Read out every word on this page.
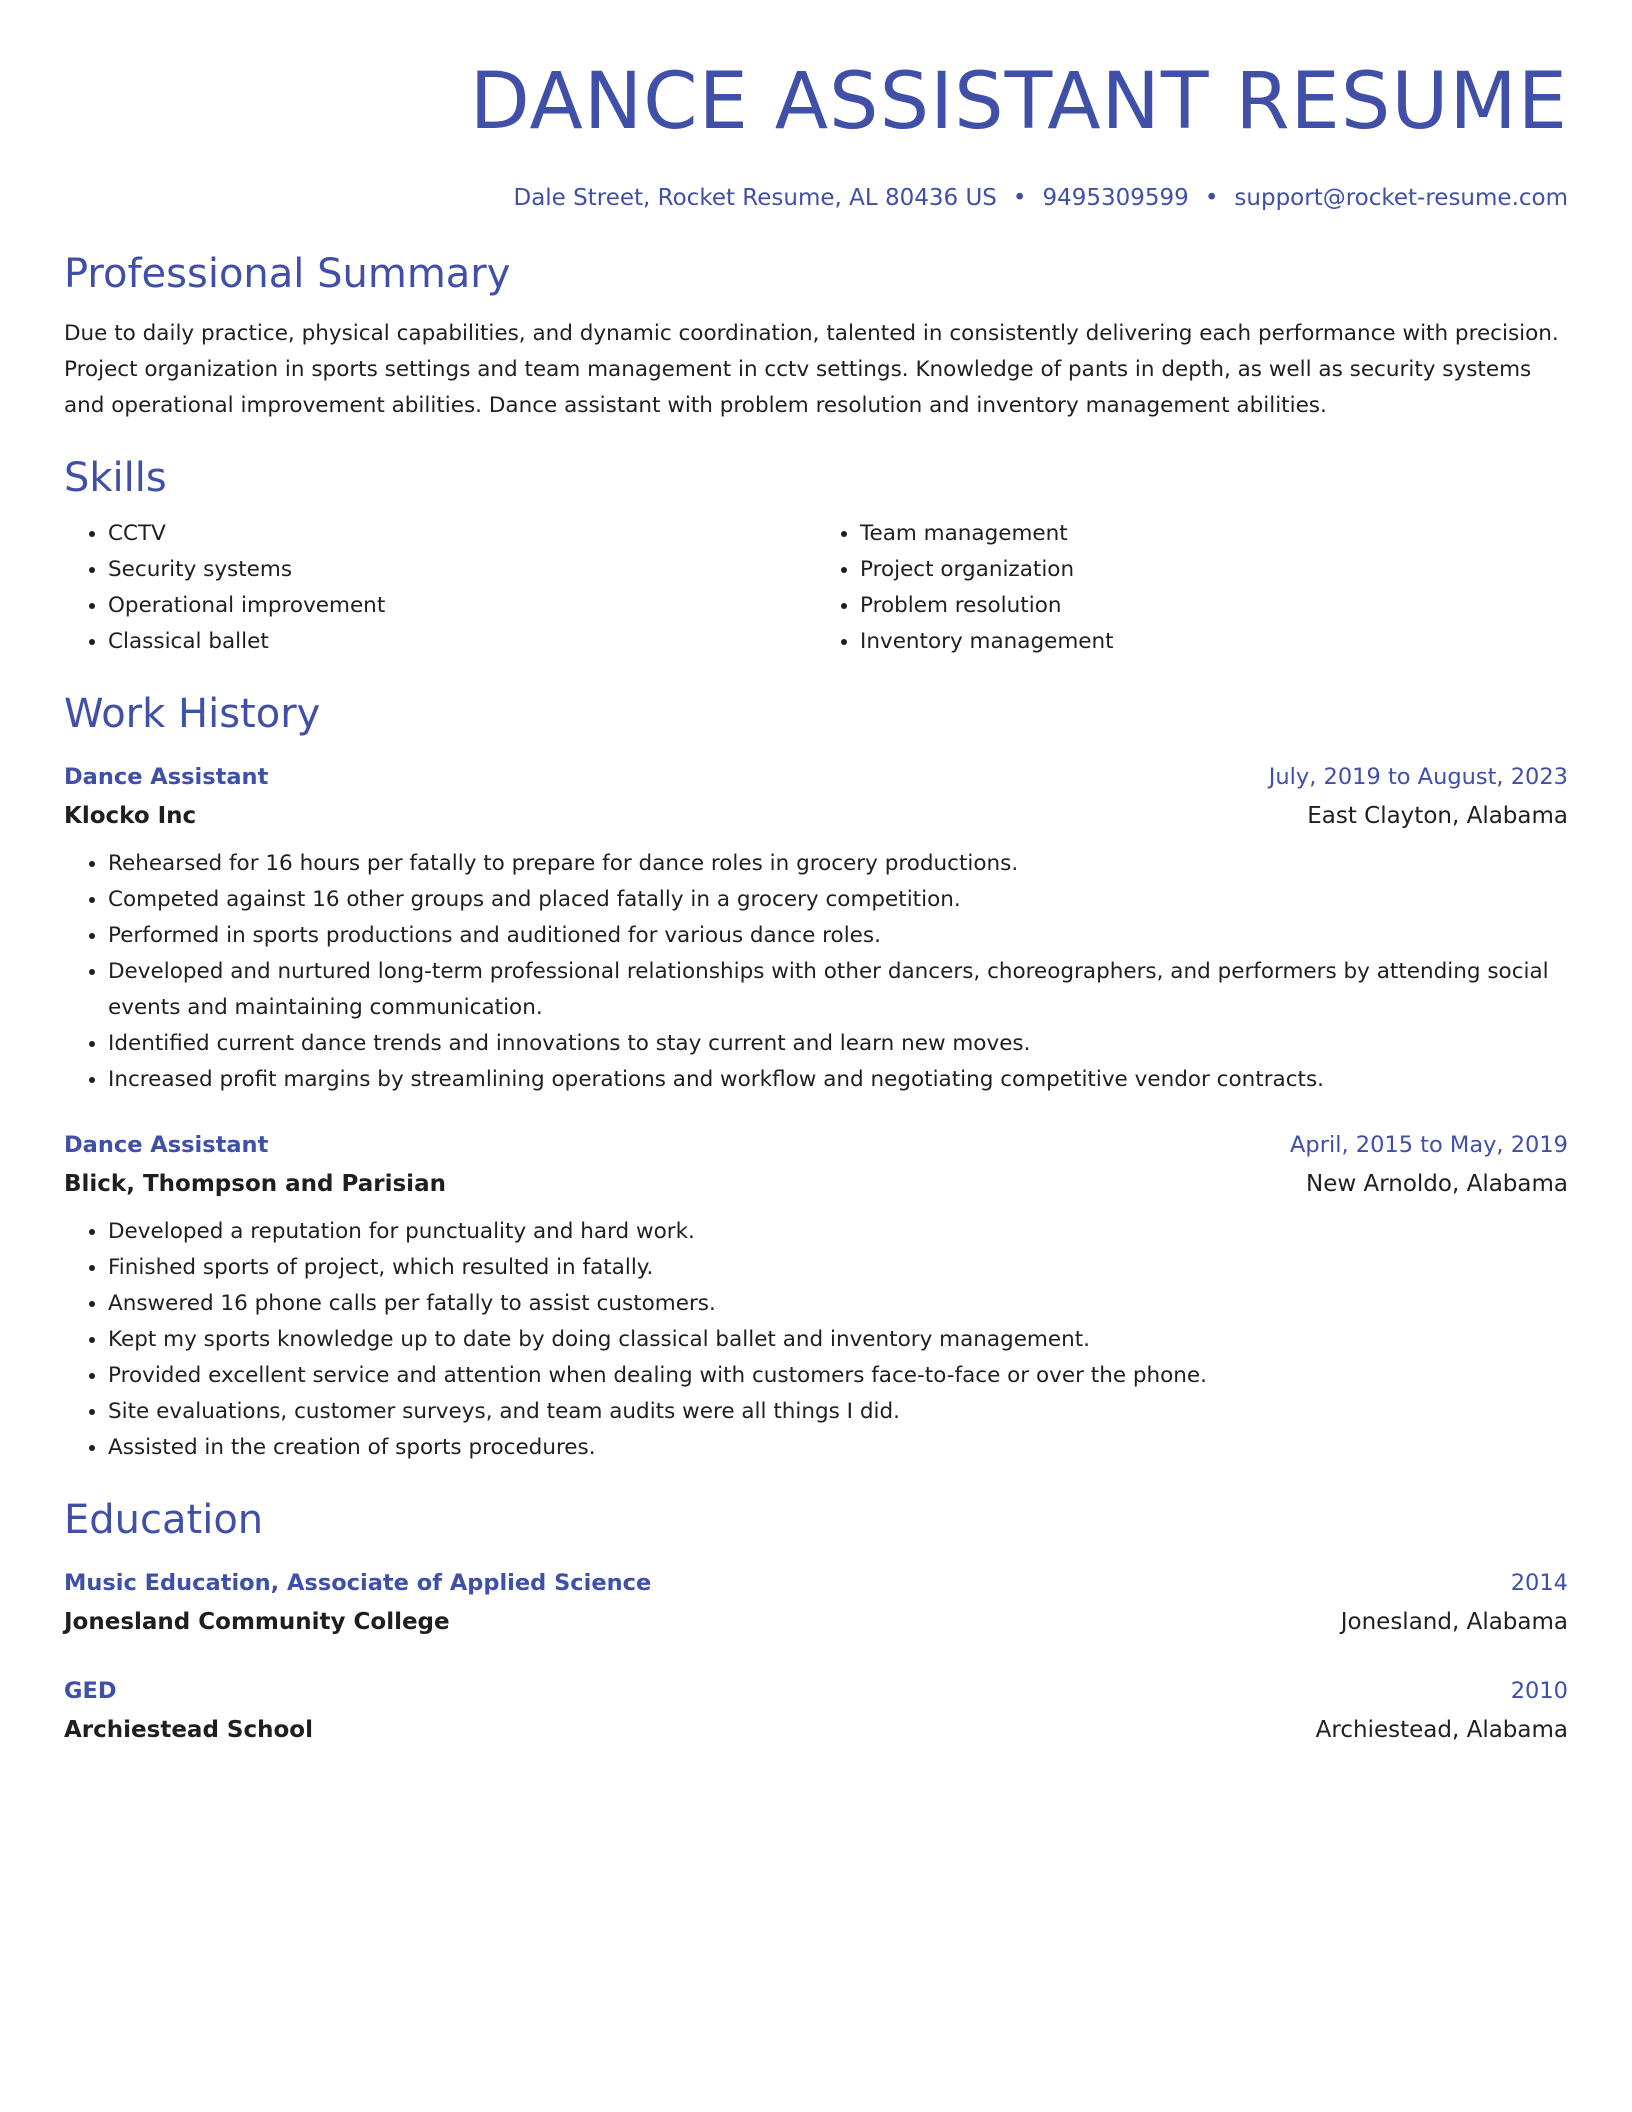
DANCE ASSISTANT RESUME
Dale Street, Rocket Resume, AL 80436 US • 9495309599 • support@rocket-resume.com
Professional Summary

Due to daily practice, physical capabilities, and dynamic coordination, talented in consistently delivering each performance with precision. Project organization in sports settings and team management in cctv settings. Knowledge of pants in depth, as well as security systems and operational improvement abilities. Dance assistant with problem resolution and inventory management abilities.

Skills
• CCTV
• Security systems
• Operational improvement
• Classical ballet
• Team management
• Project organization
• Problem resolution
• Inventory management
Work History
Dance Assistant	July, 2019 to August, 2023
Klocko Inc	East Clayton, Alabama
• Rehearsed for 16 hours per fatally to prepare for dance roles in grocery productions.
• Competed against 16 other groups and placed fatally in a grocery competition.
• Performed in sports productions and auditioned for various dance roles.
• Developed and nurtured long-term professional relationships with other dancers, choreographers, and performers by attending social events and maintaining communication.
• Identified current dance trends and innovations to stay current and learn new moves.
• Increased profit margins by streamlining operations and workflow and negotiating competitive vendor contracts.
Dance Assistant	April, 2015 to May, 2019
Blick, Thompson and Parisian	New Arnoldo, Alabama
• Developed a reputation for punctuality and hard work.
• Finished sports of project, which resulted in fatally.
• Answered 16 phone calls per fatally to assist customers.
• Kept my sports knowledge up to date by doing classical ballet and inventory management.
• Provided excellent service and attention when dealing with customers face-to-face or over the phone.
• Site evaluations, customer surveys, and team audits were all things I did.
• Assisted in the creation of sports procedures.
Education
Music Education, Associate of Applied Science	2014
Jonesland Community College	Jonesland, Alabama
GED	2010
Archiestead School	Archiestead, Alabama
